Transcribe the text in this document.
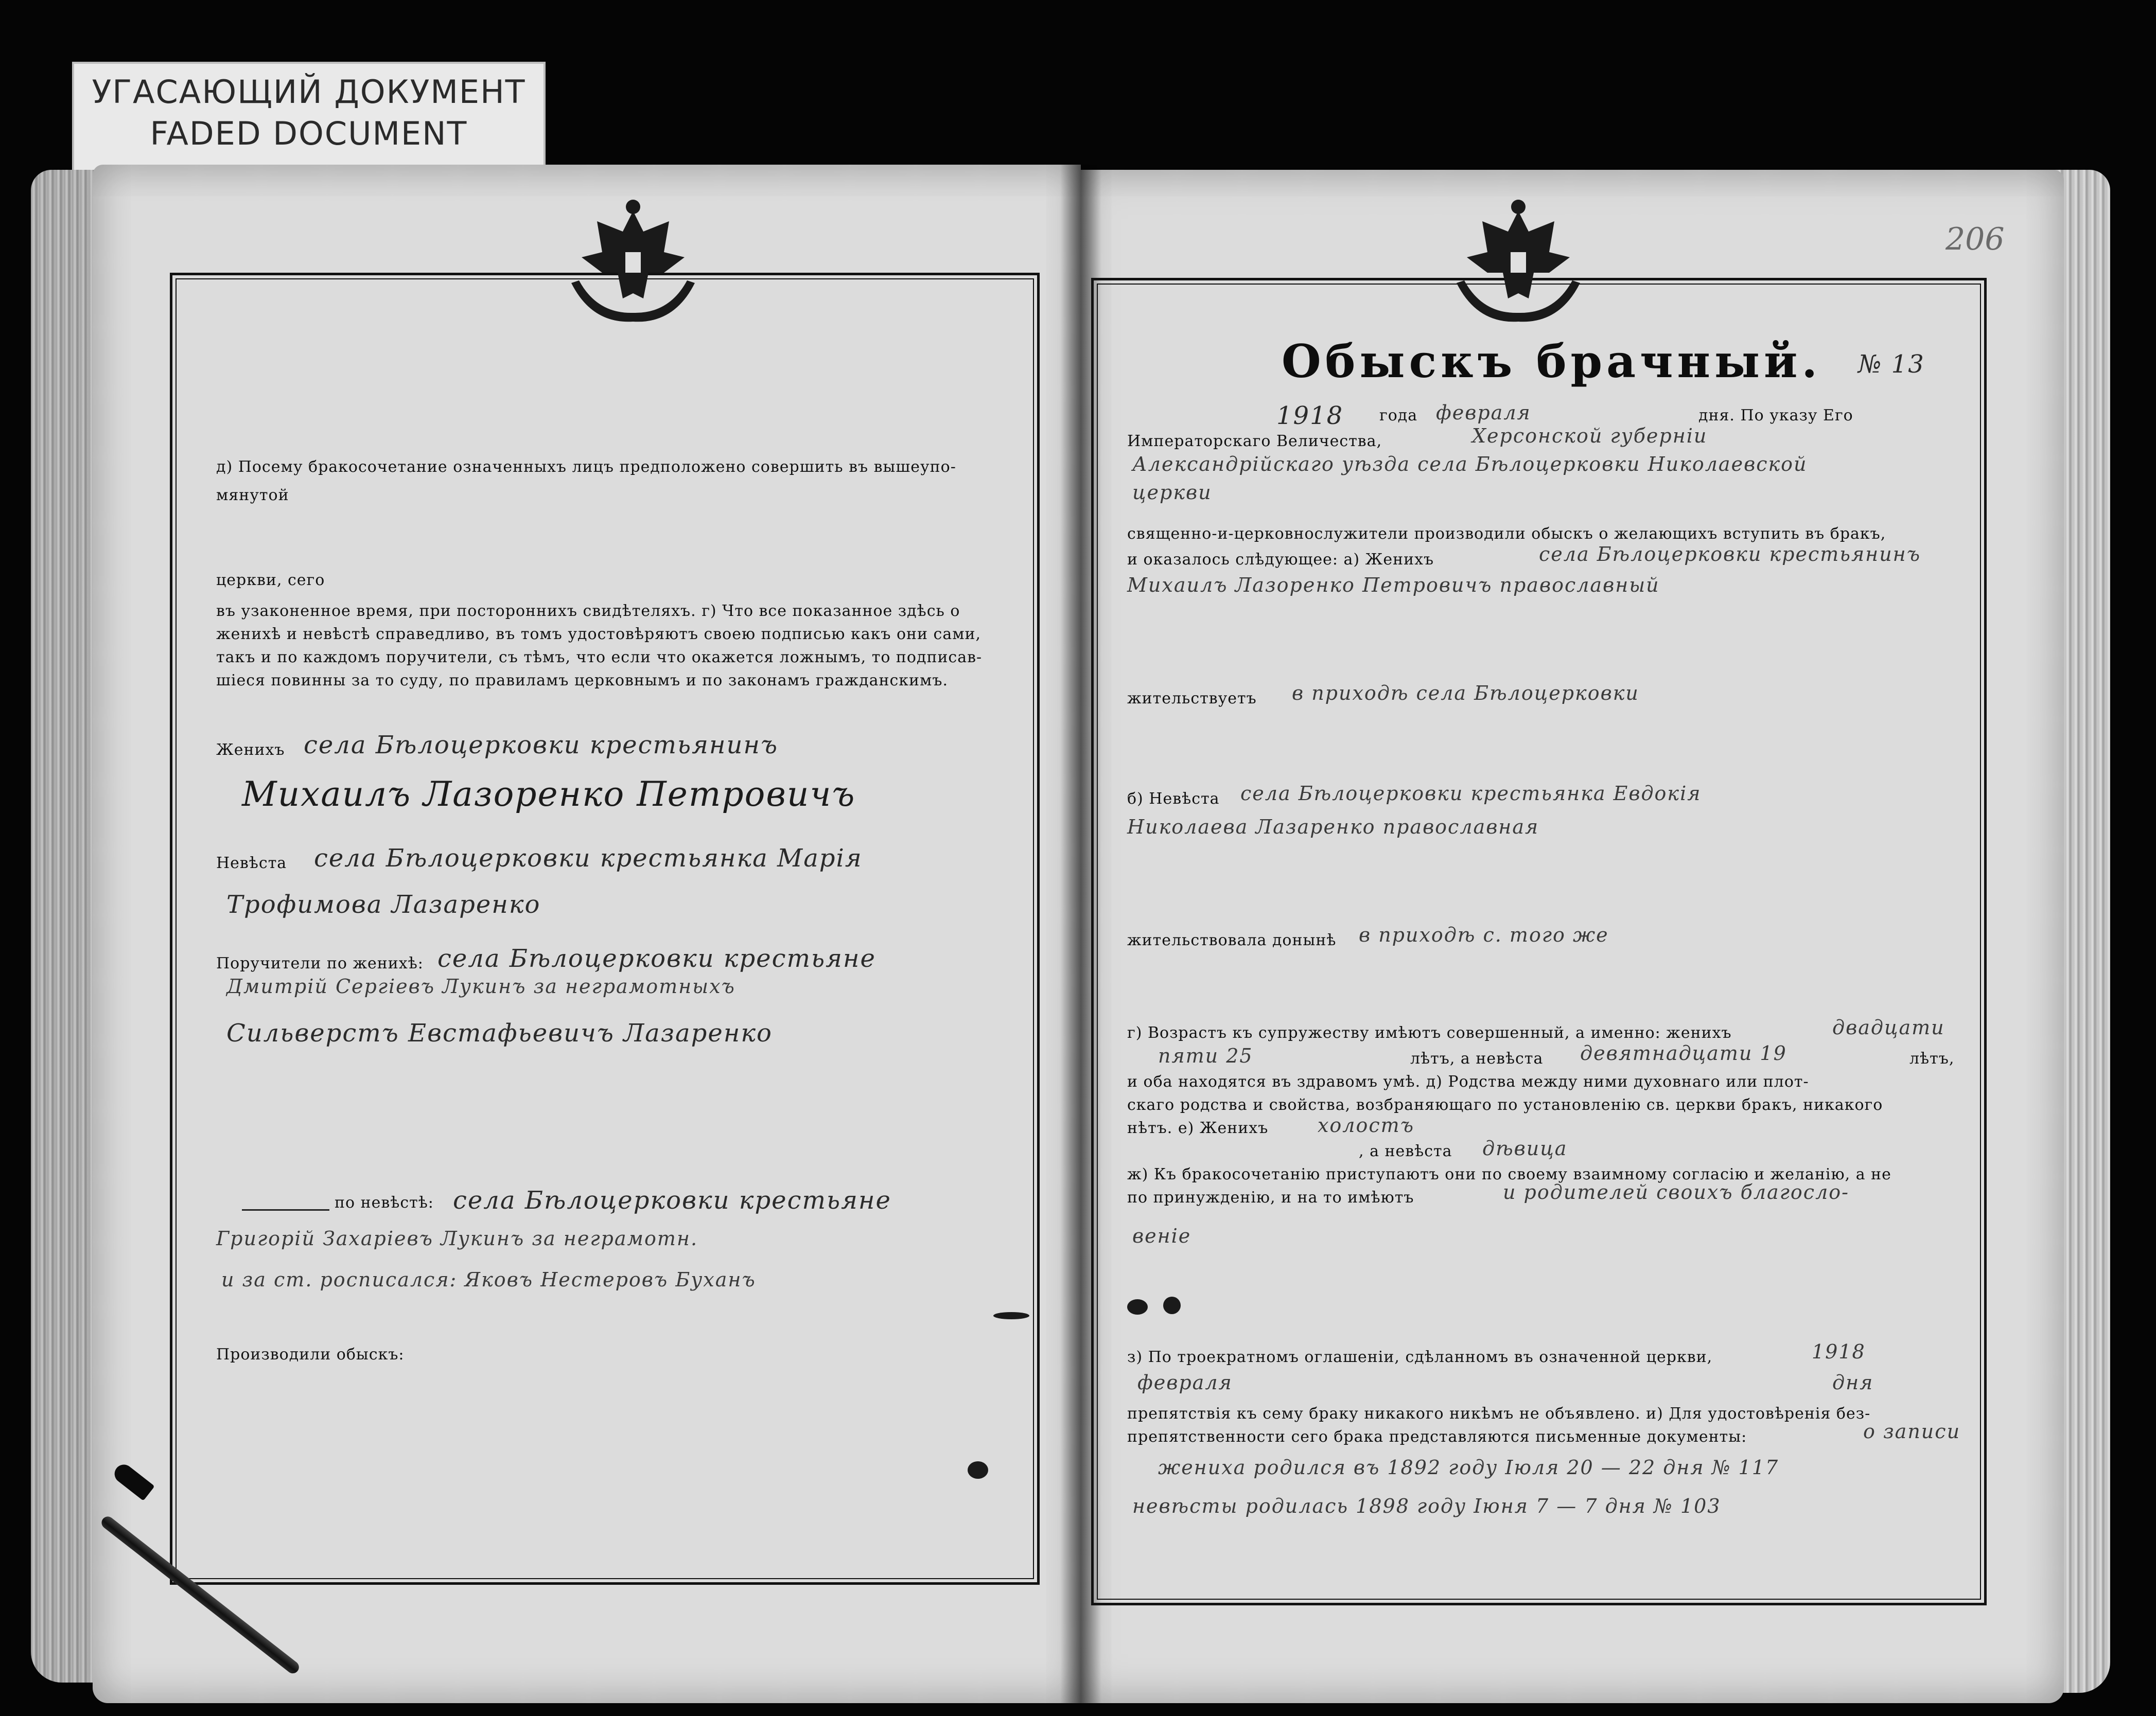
УГАСАЮЩИЙ ДОКУМЕНТ
FADED DOCUMENT
д) Посему бракосочетание означенныхъ лицъ предположено совершить въ вышеупо-
мянутой
церкви, сего
въ узаконенное время, при постороннихъ свидѣтеляхъ. г) Что все показанное здѣсь о
женихѣ и невѣстѣ справедливо, въ томъ удостовѣряютъ своею подписью какъ они сами,
такъ и по каждомъ поручители, съ тѣмъ, что если что окажется ложнымъ, то подписав-
шiеся повинны за то суду, по правиламъ церковнымъ и по законамъ гражданскимъ.
Женихъ села Бѣлоцерковки крестьянинъ
Михаилъ Лазоренко Петровичъ
Невѣста села Бѣлоцерковки крестьянка Марiя
Трофимова Лазаренко
Поручители по женихѣ: села Бѣлоцерковки крестьяне
Дмитрiй Сергiевъ Лукинъ за неграмотныхъ
Сильверстъ Евстафьевичъ Лазаренко
по невѣстѣ: села Бѣлоцерковки крестьяне
Григорiй Захарiевъ Лукинъ за неграмотн.
и за ст. росписался: Яковъ Нестеровъ Буханъ
Производили обыскъ:
206
Обыскъ брачный. № 13
1918 года февраля	дня. По указу Его
Императорскаго Величества,	Херсонской губернiи
Александрiйскаго уѣзда села Бѣлоцерковки Николаевской
церкви
священно-и-церковнослужители производили обыскъ о желающихъ вступить въ бракъ,
и оказалось слѣдующее: а) Женихъ	села Бѣлоцерковки крестьянинъ
Михаилъ Лазоренко Петровичъ православный
жительствуетъ в приходѣ села Бѣлоцерковки
б) Невѣста села Бѣлоцерковки крестьянка Евдокiя
Николаева Лазаренко православная
жительствовала донынѣ в приходѣ с. того же
г) Возрастъ къ супружеству имѣютъ совершенный, а именно: женихъ	двадцати
пяти 25	лѣтъ, а невѣста девятнадцати 19	лѣтъ,
и оба находятся въ здравомъ умѣ. д) Родства между ними духовнаго или плот-
скаго родства и свойства, возбраняющаго по установленiю св. церкви бракъ, никакого
нѣтъ. е) Женихъ	холостъ
, а невѣста дѣвица
ж) Къ бракосочетанiю приступаютъ они по своему взаимному согласiю и желанiю, а не
по принужденiю, и на то имѣютъ	и родителей своихъ благосло-
венiе
з) По троекратномъ оглашенiи, сдѣланномъ въ означенной церкви,	1918
февраля	дня
препятствiя къ сему браку никакого никѣмъ не объявлено. и) Для удостовѣренiя без-
препятственности сего брака представляются письменные документы:	о записи
жениха родился въ 1892 году Iюля 20 — 22 дня № 117
невѣсты родилась 1898 году Iюня 7 — 7 дня № 103
